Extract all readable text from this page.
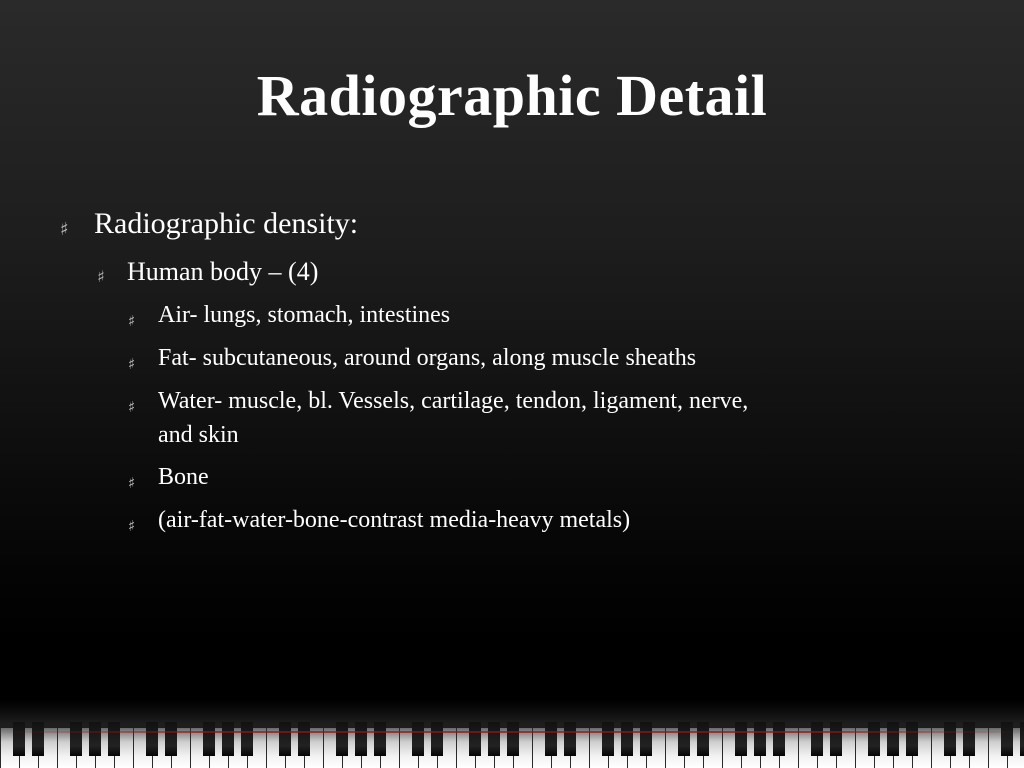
Radiographic Detail
♯ Radiographic density:
♯ Human body – (4)
♯ Air- lungs, stomach, intestines
♯ Fat- subcutaneous, around organs, along muscle sheaths
♯ Water- muscle, bl. Vessels, cartilage, tendon, ligament, nerve,
and skin
♯ Bone
♯ (air-fat-water-bone-contrast media-heavy metals)
